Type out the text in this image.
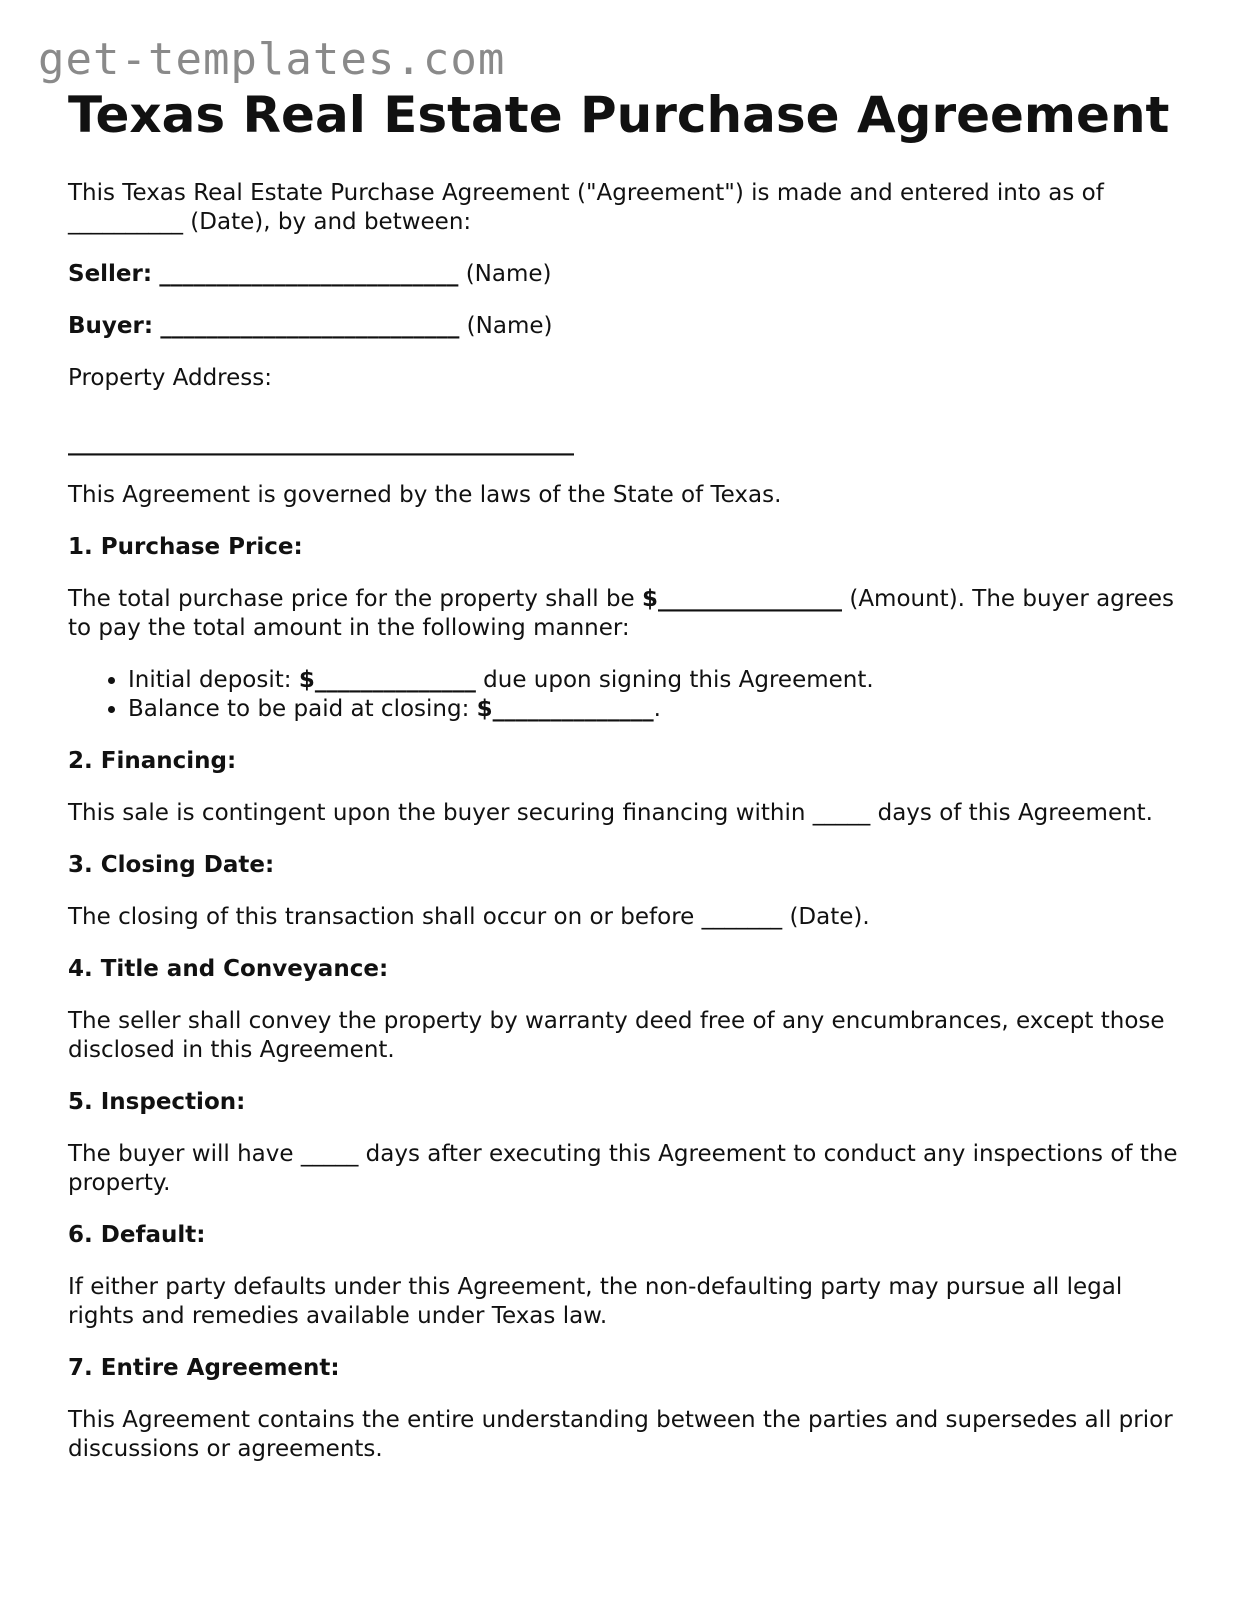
get-templates.com
Texas Real Estate Purchase Agreement

This Texas Real Estate Purchase Agreement ("Agreement") is made and entered into as of __________ (Date), by and between:

Seller: __________________________ (Name)

Buyer: __________________________ (Name)

Property Address:

____________________________________________

This Agreement is governed by the laws of the State of Texas.

1. Purchase Price:

The total purchase price for the property shall be $________________ (Amount). The buyer agrees to pay the total amount in the following manner:

• Initial deposit: $______________ due upon signing this Agreement.
• Balance to be paid at closing: $______________.
2. Financing:

This sale is contingent upon the buyer securing financing within _____ days of this Agreement.

3. Closing Date:

The closing of this transaction shall occur on or before _______ (Date).

4. Title and Conveyance:

The seller shall convey the property by warranty deed free of any encumbrances, except those disclosed in this Agreement.

5. Inspection:

The buyer will have _____ days after executing this Agreement to conduct any inspections of the property.

6. Default:

If either party defaults under this Agreement, the non-defaulting party may pursue all legal rights and remedies available under Texas law.

7. Entire Agreement:

This Agreement contains the entire understanding between the parties and supersedes all prior discussions or agreements.
